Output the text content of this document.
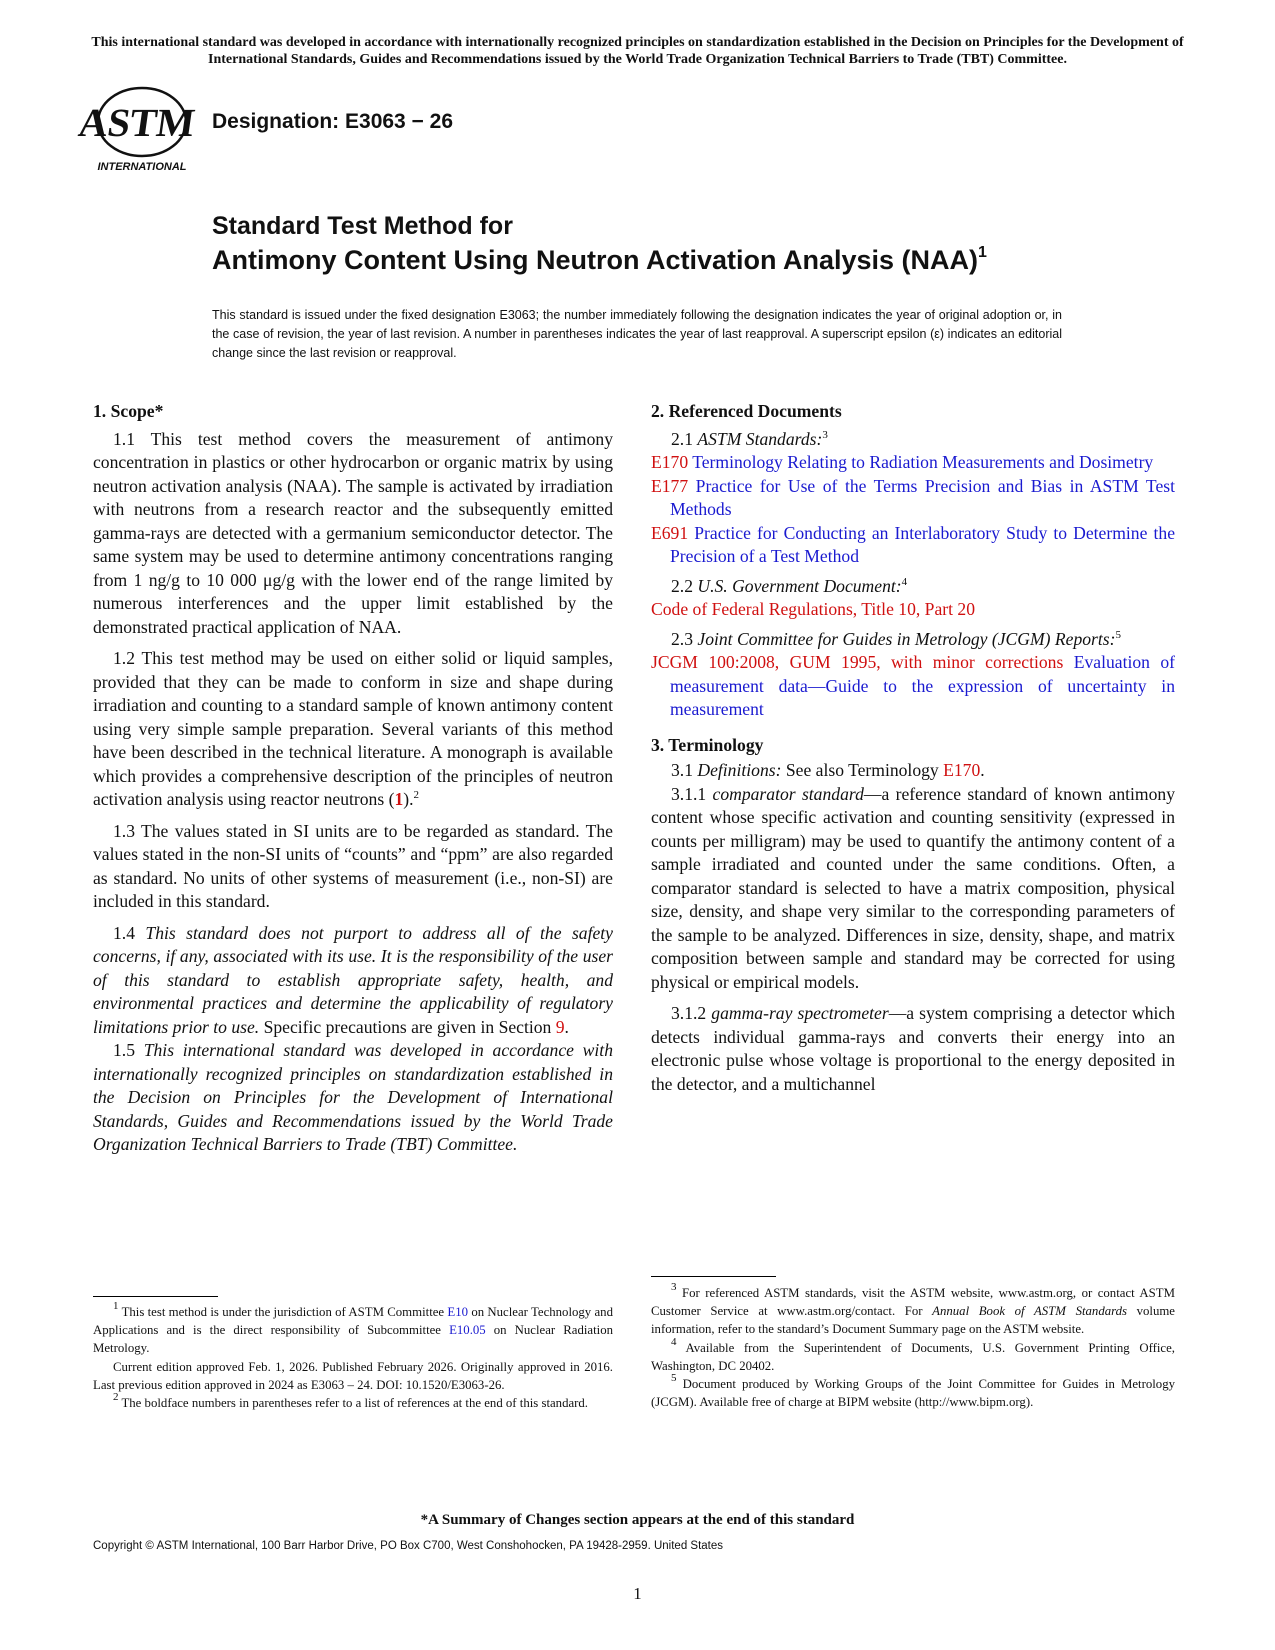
This international standard was developed in accordance with internationally recognized principles on standardization established in the Decision on Principles for the Development of International Standards, Guides and Recommendations issued by the World Trade Organization Technical Barriers to Trade (TBT) Committee.
ASTM
INTERNATIONAL
Designation: E3063 − 26
Standard Test Method for
Antimony Content Using Neutron Activation Analysis (NAA)$^1$
This standard is issued under the fixed designation E3063; the number immediately following the designation indicates the year of original adoption or, in the case of revision, the year of last revision. A number in parentheses indicates the year of last reapproval. A superscript epsilon (ε) indicates an editorial change since the last revision or reapproval.
1. Scope*

1.1 This test method covers the measurement of antimony concentration in plastics or other hydrocarbon or organic matrix by using neutron activation analysis (NAA). The sample is activated by irradiation with neutrons from a research reactor and the subsequently emitted gamma-rays are detected with a germanium semiconductor detector. The same system may be used to determine antimony concentrations ranging from 1 ng/g to 10 000 μg/g with the lower end of the range limited by numerous interferences and the upper limit established by the demonstrated practical application of NAA.

1.2 This test method may be used on either solid or liquid samples, provided that they can be made to conform in size and shape during irradiation and counting to a standard sample of known antimony content using very simple sample preparation. Several variants of this method have been described in the technical literature. A monograph is available which provides a comprehensive description of the principles of neutron activation analysis using reactor neutrons (1).$^2$

1.3 The values stated in SI units are to be regarded as standard. The values stated in the non-SI units of “counts” and “ppm” are also regarded as standard. No units of other systems of measurement (i.e., non-SI) are included in this standard.

1.4 This standard does not purport to address all of the safety concerns, if any, associated with its use. It is the responsibility of the user of this standard to establish appropriate safety, health, and environmental practices and determine the applicability of regulatory limitations prior to use. Specific precautions are given in Section 9.

1.5 This international standard was developed in accordance with internationally recognized principles on standardization established in the Decision on Principles for the Development of International Standards, Guides and Recommendations issued by the World Trade Organization Technical Barriers to Trade (TBT) Committee.

$^1$ This test method is under the jurisdiction of ASTM Committee E10 on Nuclear Technology and Applications and is the direct responsibility of Subcommittee E10.05 on Nuclear Radiation Metrology.

Current edition approved Feb. 1, 2026. Published February 2026. Originally approved in 2016. Last previous edition approved in 2024 as E3063 – 24. DOI: 10.1520/E3063-26.

$^2$ The boldface numbers in parentheses refer to a list of references at the end of this standard.

2. Referenced Documents

2.1 ASTM Standards:$^3$

E170 Terminology Relating to Radiation Measurements and Dosimetry

E177 Practice for Use of the Terms Precision and Bias in ASTM Test Methods

E691 Practice for Conducting an Interlaboratory Study to Determine the Precision of a Test Method

2.2 U.S. Government Document:$^4$

Code of Federal Regulations, Title 10, Part 20

2.3 Joint Committee for Guides in Metrology (JCGM) Reports:$^5$

JCGM 100:2008, GUM 1995, with minor corrections Evaluation of measurement data—Guide to the expression of uncertainty in measurement

3. Terminology

3.1 Definitions: See also Terminology E170.

3.1.1 comparator standard—a reference standard of known antimony content whose specific activation and counting sensitivity (expressed in counts per milligram) may be used to quantify the antimony content of a sample irradiated and counted under the same conditions. Often, a comparator standard is selected to have a matrix composition, physical size, density, and shape very similar to the corresponding parameters of the sample to be analyzed. Differences in size, density, shape, and matrix composition between sample and standard may be corrected for using physical or empirical models.

3.1.2 gamma-ray spectrometer—a system comprising a detector which detects individual gamma-rays and converts their energy into an electronic pulse whose voltage is proportional to the energy deposited in the detector, and a multichannel

$^3$ For referenced ASTM standards, visit the ASTM website, www.astm.org, or contact ASTM Customer Service at www.astm.org/contact. For Annual Book of ASTM Standards volume information, refer to the standard’s Document Summary page on the ASTM website.

$^4$ Available from the Superintendent of Documents, U.S. Government Printing Office, Washington, DC 20402.

$^5$ Document produced by Working Groups of the Joint Committee for Guides in Metrology (JCGM). Available free of charge at BIPM website (http://www.bipm.org).

*A Summary of Changes section appears at the end of this standard
Copyright © ASTM International, 100 Barr Harbor Drive, PO Box C700, West Conshohocken, PA 19428-2959. United States
1
